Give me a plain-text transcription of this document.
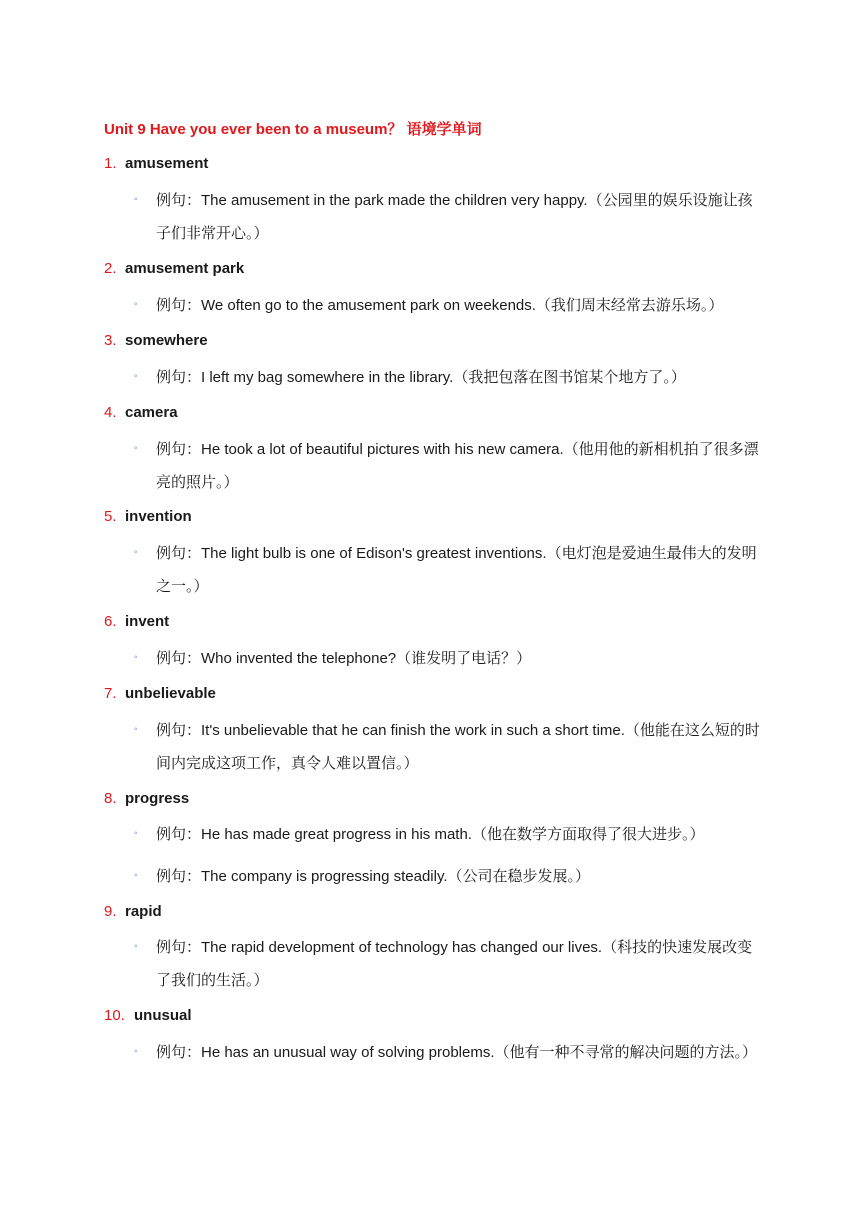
Unit 9 Have you ever been to a museum？ 语境学单词
1. amusement
◦ 例句：The amusement in the park made the children very happy.（公园里的娱乐设施让孩子们非常开心。）
2. amusement park
◦ 例句：We often go to the amusement park on weekends.（我们周末经常去游乐场。）
3. somewhere
◦ 例句：I left my bag somewhere in the library.（我把包落在图书馆某个地方了。）
4. camera
◦ 例句：He took a lot of beautiful pictures with his new camera.（他用他的新相机拍了很多漂亮的照片。）
5. invention
◦ 例句：The light bulb is one of Edison's greatest inventions.（电灯泡是爱迪生最伟大的发明之一。）
6. invent
◦ 例句：Who invented the telephone?（谁发明了电话？）
7. unbelievable
◦ 例句：It's unbelievable that he can finish the work in such a short time.（他能在这么短的时间内完成这项工作，真令人难以置信。）
8. progress
◦ 例句：He has made great progress in his math.（他在数学方面取得了很大进步。）
◦ 例句：The company is progressing steadily.（公司在稳步发展。）
9. rapid
◦ 例句：The rapid development of technology has changed our lives.（科技的快速发展改变了我们的生活。）
10. unusual
◦ 例句：He has an unusual way of solving problems.（他有一种不寻常的解决问题的方法。）
